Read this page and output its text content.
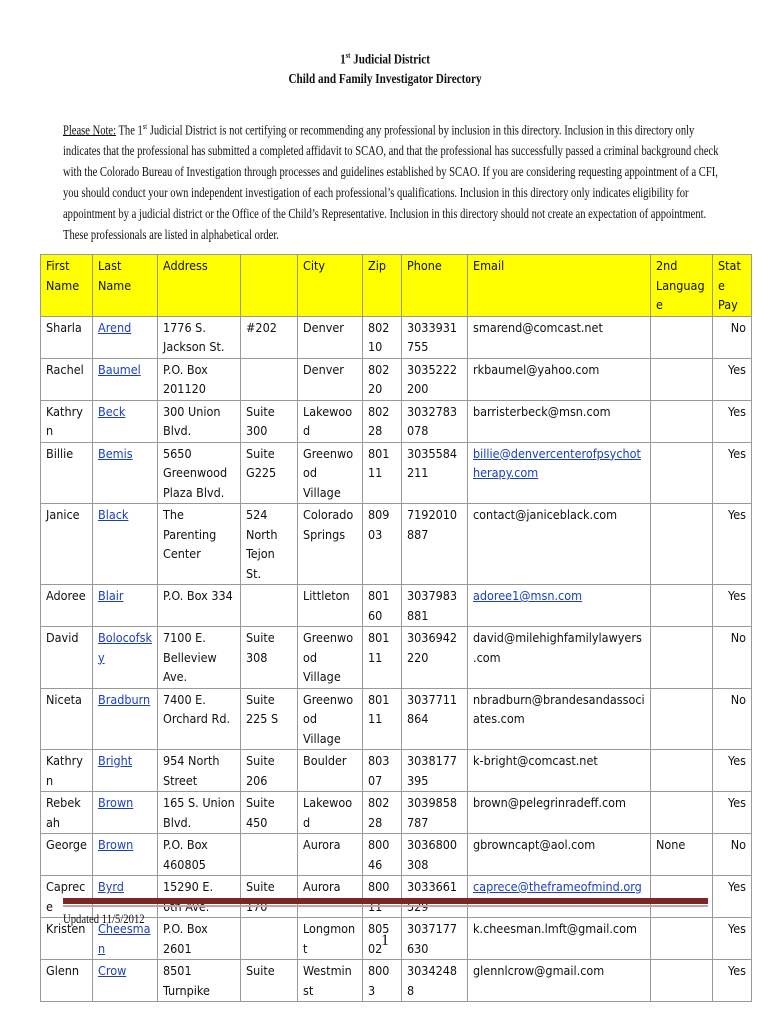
1st Judicial District
Child and Family Investigator Directory
Please Note: The 1st Judicial District is not certifying or recommending any professional by inclusion in this directory. Inclusion in this directory only indicates that the professional has submitted a completed affidavit to SCAO, and that the professional has successfully passed a criminal background check with the Colorado Bureau of Investigation through processes and guidelines established by SCAO. If you are considering requesting appointment of a CFI, you should conduct your own independent investigation of each professional’s qualifications. Inclusion in this directory only indicates eligibility for appointment by a judicial district or the Office of the Child’s Representative. Inclusion in this directory should not create an expectation of appointment. These professionals are listed in alphabetical order.
First Name	Last Name	Address		City	Zip	Phone	Email	2nd Language	State Pay
Sharla	Arend	1776 S. Jackson St.	#202	Denver	80210	3033931755	smarend@comcast.net		No
Rachel	Baumel	P.O. Box 201120		Denver	80220	3035222200	rkbaumel@yahoo.com		Yes
Kathryn	Beck	300 Union Blvd.	Suite 300	Lakewood	80228	3032783078	barristerbeck@msn.com		Yes
Billie	Bemis	5650 Greenwood Plaza Blvd.	Suite G225	Greenwood Village	80111	3035584211	billie@denvercenterofpsychotherapy.com		Yes
Janice	Black	The Parenting Center	524 North Tejon St.	Colorado Springs	80903	7192010887	contact@janiceblack.com		Yes
Adoree	Blair	P.O. Box 334		Littleton	80160	3037983881	adoree1@msn.com		Yes
David	Bolocofsky	7100 E. Belleview Ave.	Suite 308	Greenwood Village	80111	3036942220	david@milehighfamilylawyers.com		No
Niceta	Bradburn	7400 E. Orchard Rd.	Suite 225 S	Greenwood Village	80111	3037711864	nbradburn@brandesandassociates.com		No
Kathryn	Bright	954 North Street	Suite 206	Boulder	80307	3038177395	k-bright@comcast.net		Yes
Rebekah	Brown	165 S. Union Blvd.	Suite 450	Lakewood	80228	3039858787	brown@pelegrinradeff.com		Yes
George	Brown	P.O. Box 460805		Aurora	80046	3036800308	gbrowncapt@aol.com	None	No
Caprece	Byrd	15290 E.	Suite	Aurora	800	3033661	caprece@theframeofmind.org		Yes
Kristen	Cheesman	P.O. Box 2601		Longmont	80502	3037177630	k.cheesman.lmft@gmail.com		Yes
Glenn	Crow	8501 Turnpike	Suite	Westminst	8003	30342488	glennlcrow@gmail.com		Yes
Updated 11/5/2012
1
